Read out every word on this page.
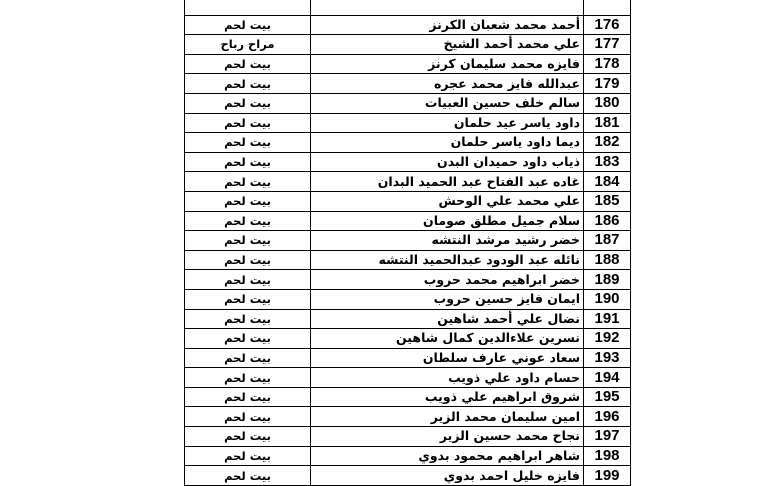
بيت لحم	أحمد محمد شعبان الكرنز	176
مراح رباح	علي محمد أحمد الشيخ	177
بيت لحم	فايزه محمد سليمان كرنز	178
بيت لحم	عبدالله فايز محمد عجره	179
بيت لحم	سالم خلف حسين العبيات	180
بيت لحم	داود ياسر عيد حلمان	181
بيت لحم	ديما داود ياسر حلمان	182
بيت لحم	ذياب داود حميدان البدن	183
بيت لحم	غاده عبد الفتاح عبد الحميد البدان	184
بيت لحم	علي محمد علي الوحش	185
بيت لحم	سلام جميل مطلق صومان	186
بيت لحم	خضر رشيد مرشد النتشه	187
بيت لحم	نائله عبد الودود عبدالحميد النتشه	188
بيت لحم	خضر ابراهيم محمد حروب	189
بيت لحم	ايمان فايز حسين حروب	190
بيت لحم	نضال علي أحمد شاهين	191
بيت لحم	نسرين علاءالدين كمال شاهين	192
بيت لحم	سعاد عوني عارف سلطان	193
بيت لحم	حسام داود علي ذويب	194
بيت لحم	شروق ابراهيم علي ذويب	195
بيت لحم	امين سليمان محمد الزير	196
بيت لحم	نجاح محمد حسين الزير	197
بيت لحم	شاهر ابراهيم محمود بدوي	198
بيت لحم	فايزه خليل احمد بدوي	199
